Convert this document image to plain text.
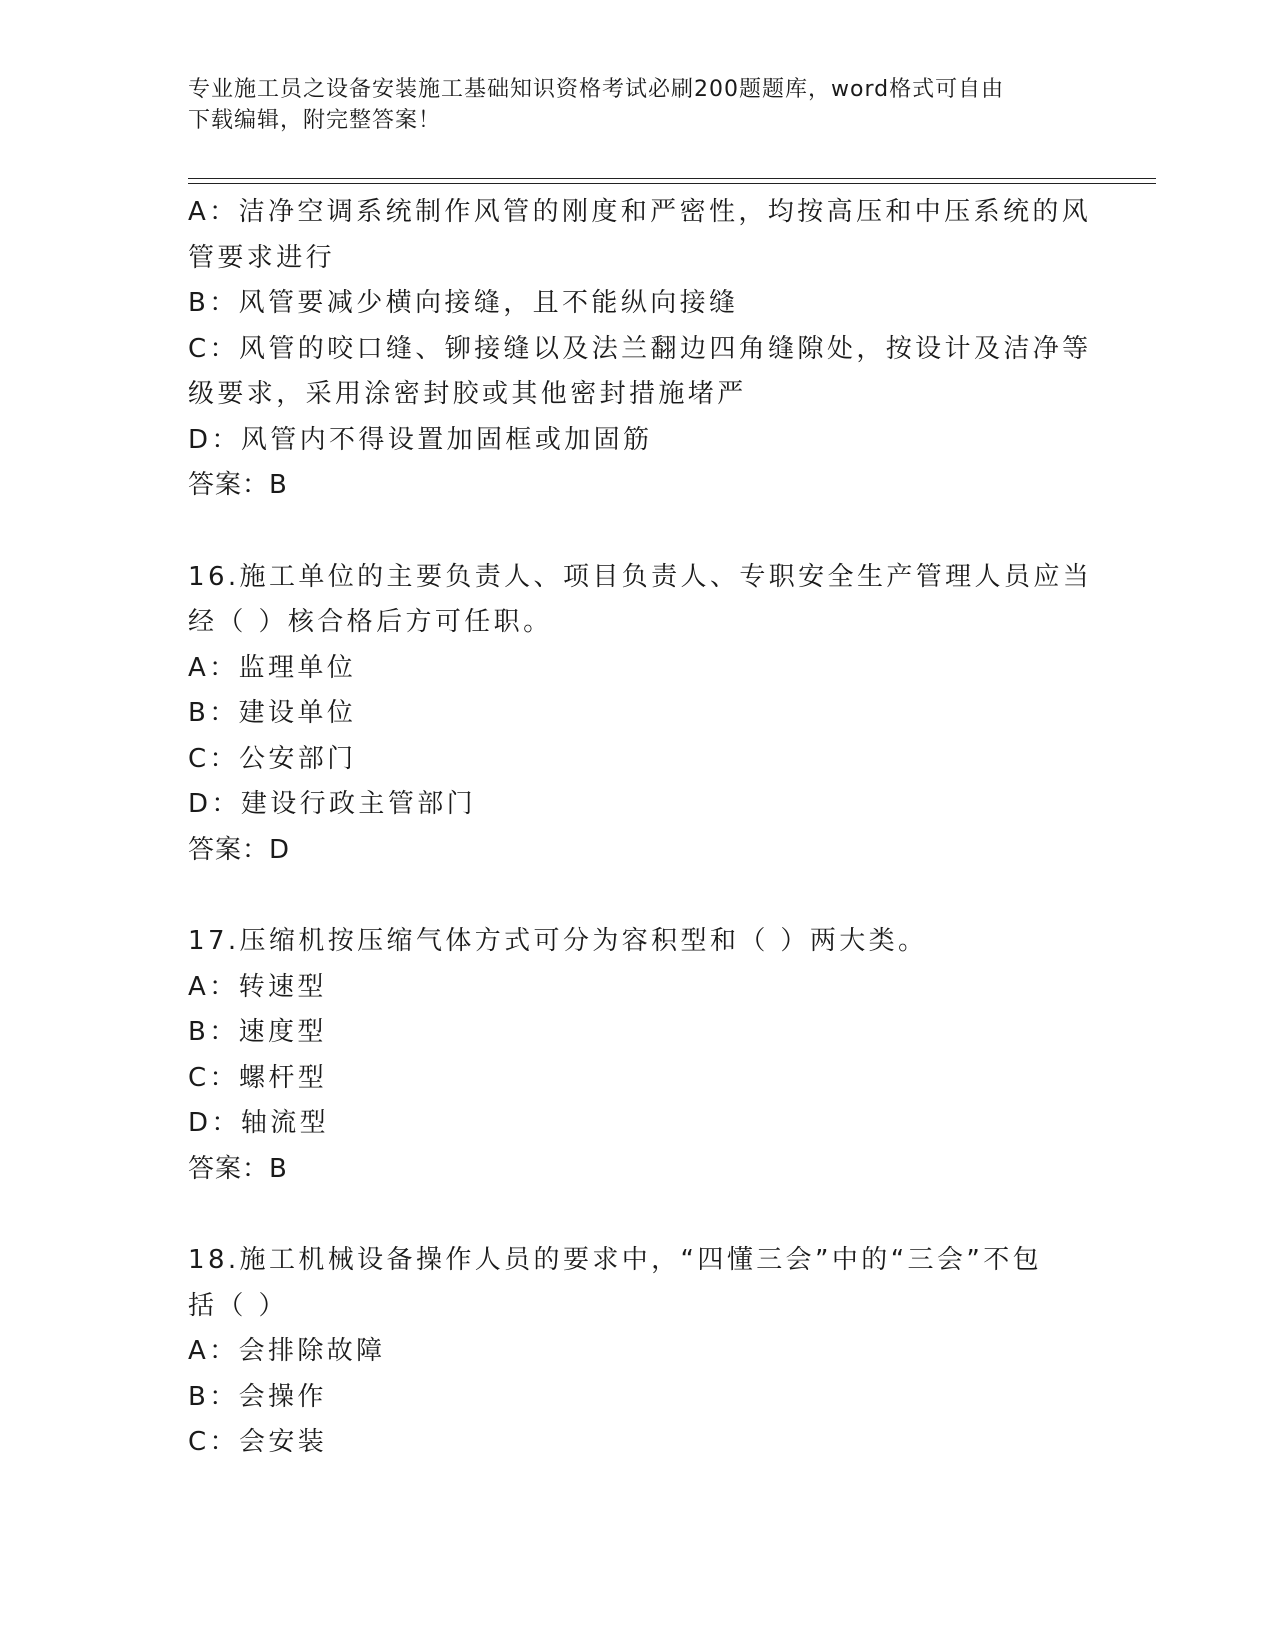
专业施工员之设备安装施工基础知识资格考试必刷200题题库，word格式可自由
下载编辑，附完整答案！
A：洁净空调系统制作风管的刚度和严密性，均按高压和中压系统的风
管要求进行
B：风管要减少横向接缝，且不能纵向接缝
C：风管的咬口缝、铆接缝以及法兰翻边四角缝隙处，按设计及洁净等
级要求，采用涂密封胶或其他密封措施堵严
D：风管内不得设置加固框或加固筋
答案：B
16.施工单位的主要负责人、项目负责人、专职安全生产管理人员应当
经（ ）核合格后方可任职。
A：监理单位
B：建设单位
C：公安部门
D：建设行政主管部门
答案：D
17.压缩机按压缩气体方式可分为容积型和（ ）两大类。
A：转速型
B：速度型
C：螺杆型
D：轴流型
答案：B
18.施工机械设备操作人员的要求中，“四懂三会”中的“三会”不包
括（ ）
A：会排除故障
B：会操作
C：会安装
